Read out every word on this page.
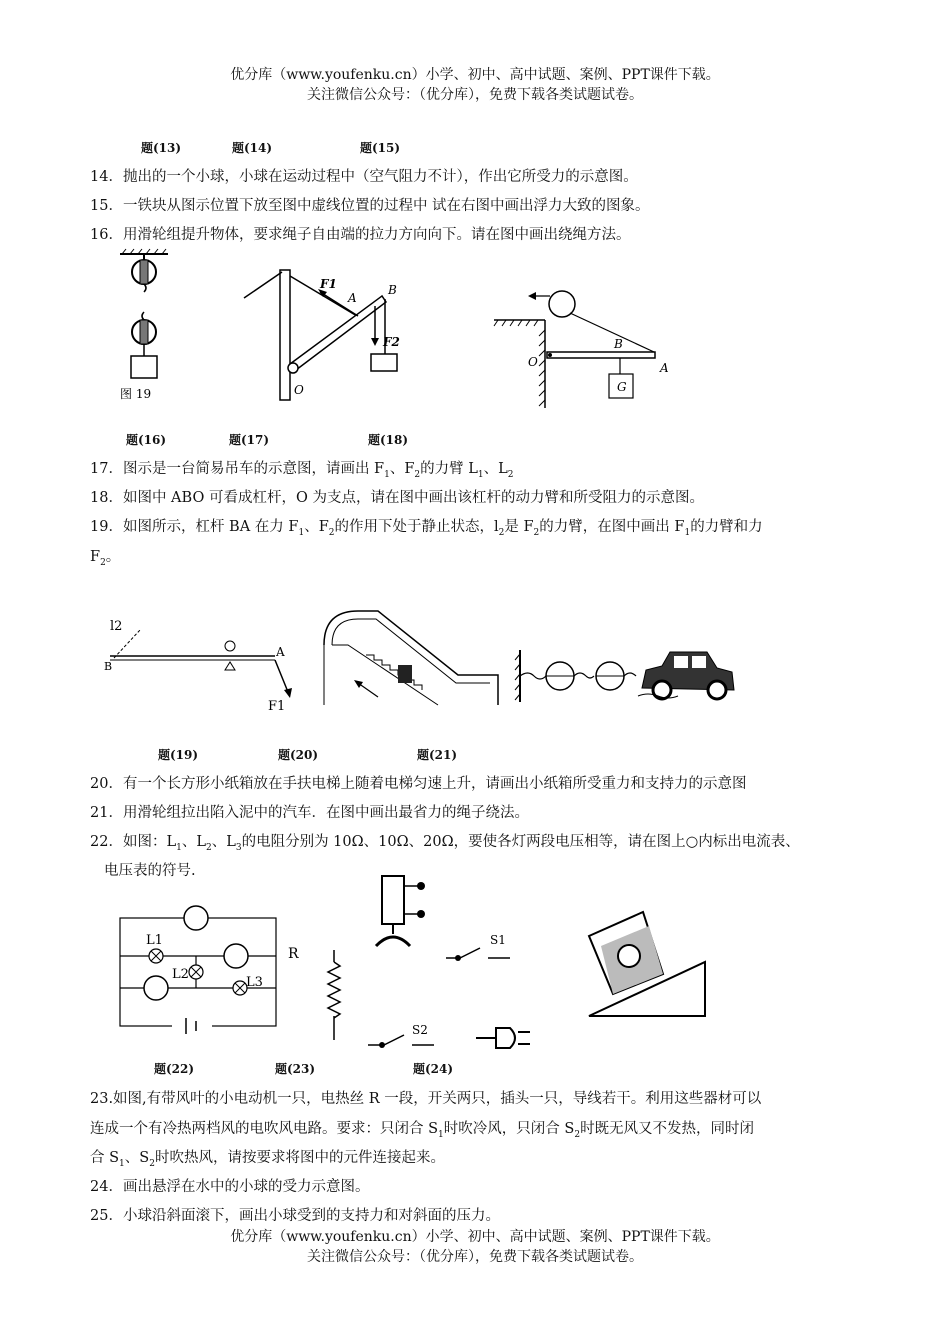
优分库（www.youfenku.cn）小学、初中、高中试题、案例、PPT课件下载。
关注微信公众号：（优分库），免费下载各类试题试卷。
题(13)	题(14)	题(15)
14．抛出的一个小球，小球在运动过程中（空气阻力不计），作出它所受力的示意图。
15．一铁块从图示位置下放至图中虚线位置的过程中 试在右图中画出浮力大致的图象。
16．用滑轮组提升物体，要求绳子自由端的拉力方向向下。请在图中画出绕绳方法。
图 19
F1
A
B
F2
O	G
B
A
O
题(16)	题(17)	题(18)
17．图示是一台简易吊车的示意图，请画出 $F_1$、$F_2$的力臂 $L_1$、$L_2$
18．如图中 ABO 可看成杠杆，O 为支点，请在图中画出该杠杆的动力臂和所受阻力的示意图。
19．如图所示，杠杆 BA 在力 $F_1$、$F_2$的作用下处于静止状态，$l_2$是 $F_2$的力臂，在图中画出 $F_1$的力臂和力
$F_2$。
l2
B
A
F1
题(19)	题(20)	题(21)
20．有一个长方形小纸箱放在手扶电梯上随着电梯匀速上升，请画出小纸箱所受重力和支持力的示意图
21．用滑轮组拉出陷入泥中的汽车．在图中画出最省力的绳子绕法。
22．如图：$L_1$、$L_2$、$L_3$的电阻分别为 10Ω、10Ω、20Ω，要使各灯两段电压相等，请在图上○内标出电流表、
电压表的符号.
L1
L2
L3
R
S1
S2
题(22)	题(23)	题(24)
23.如图,有带风叶的小电动机一只，电热丝 R 一段，开关两只，插头一只，导线若干。利用这些器材可以
连成一个有冷热两档风的电吹风电路。要求：只闭合 $S_1$时吹冷风，只闭合 $S_2$时既无风又不发热，同时闭
合 $S_1$、$S_2$时吹热风，请按要求将图中的元件连接起来。
24．画出悬浮在水中的小球的受力示意图。
25．小球沿斜面滚下，画出小球受到的支持力和对斜面的压力。
优分库（www.youfenku.cn）小学、初中、高中试题、案例、PPT课件下载。
关注微信公众号：（优分库），免费下载各类试题试卷。
